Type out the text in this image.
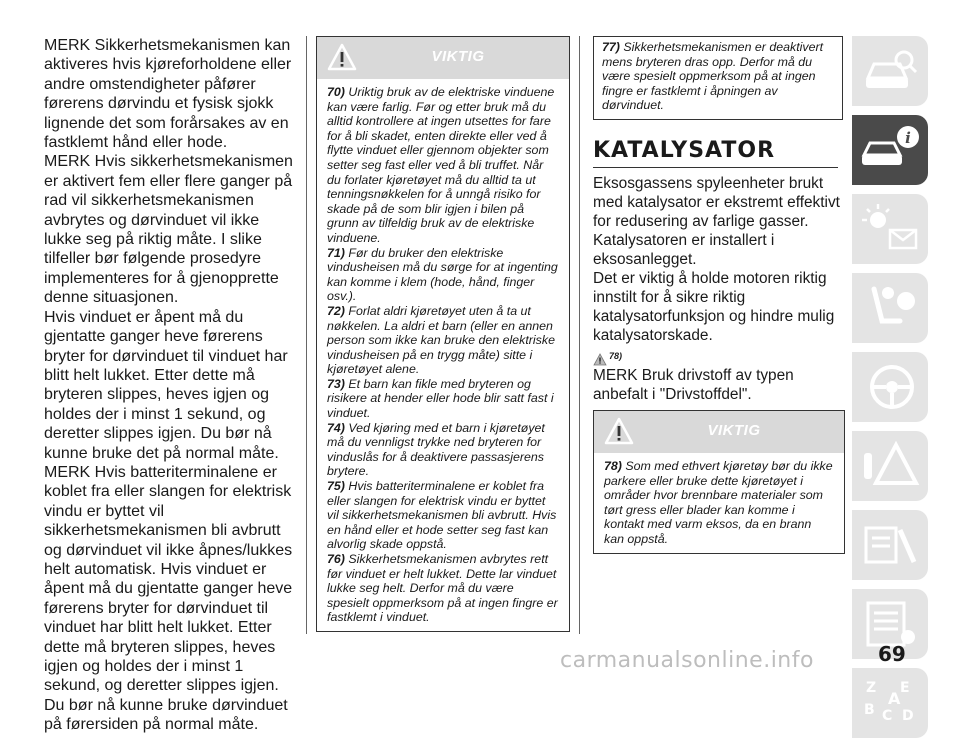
MERK Sikkerhetsmekanismen kan aktiveres hvis kjøreforholdene eller andre omstendigheter påfører førerens dørvindu et fysisk sjokk lignende det som forårsakes av en fastklemt hånd eller hode.

MERK Hvis sikkerhetsmekanismen er aktivert fem eller flere ganger på rad vil sikkerhetsmekanismen avbrytes og dørvinduet vil ikke lukke seg på riktig måte. I slike tilfeller bør følgende prosedyre implementeres for å gjenopprette denne situasjonen.

Hvis vinduet er åpent må du gjentatte ganger heve førerens bryter for dørvinduet til vinduet har blitt helt lukket. Etter dette må bryteren slippes, heves igjen og holdes der i minst 1 sekund, og deretter slippes igjen. Du bør nå kunne bruke det på normal måte.

MERK Hvis batteriterminalene er koblet fra eller slangen for elektrisk vindu er byttet vil sikkerhetsmekanismen bli avbrutt og dørvinduet vil ikke åpnes/lukkes helt automatisk. Hvis vinduet er åpent må du gjentatte ganger heve førerens bryter for dørvinduet til vinduet har blitt helt lukket. Etter dette må bryteren slippes, heves igjen og holdes der i minst 1 sekund, og deretter slippes igjen. Du bør nå kunne bruke dørvinduet på førersiden på normal måte.

VIKTIG

70) Uriktig bruk av de elektriske vinduene kan være farlig. Før og etter bruk må du alltid kontrollere at ingen utsettes for fare for å bli skadet, enten direkte eller ved å flytte vinduet eller gjennom objekter som setter seg fast eller ved å bli truffet. Når du forlater kjøretøyet må du alltid ta ut tenningsnøkkelen for å unngå risiko for skade på de som blir igjen i bilen på grunn av tilfeldig bruk av de elektriske vinduene.

71) Før du bruker den elektriske vindusheisen må du sørge for at ingenting kan komme i klem (hode, hånd, finger osv.).

72) Forlat aldri kjøretøyet uten å ta ut nøkkelen. La aldri et barn (eller en annen person som ikke kan bruke den elektriske vindusheisen på en trygg måte) sitte i kjøretøyet alene.

73) Et barn kan fikle med bryteren og risikere at hender eller hode blir satt fast i vinduet.

74) Ved kjøring med et barn i kjøretøyet må du vennligst trykke ned bryteren for vinduslås for å deaktivere passasjerens brytere.

75) Hvis batteriterminalene er koblet fra eller slangen for elektrisk vindu er byttet vil sikkerhetsmekanismen bli avbrutt. Hvis en hånd eller et hode setter seg fast kan alvorlig skade oppstå.

76) Sikkerhetsmekanismen avbrytes rett før vinduet er helt lukket. Dette lar vinduet lukke seg helt. Derfor må du være spesielt oppmerksom på at ingen fingre er fastklemt i vinduet.

77) Sikkerhetsmekanismen er deaktivert mens bryteren dras opp. Derfor må du være spesielt oppmerksom på at ingen fingre er fastklemt i åpningen av dørvinduet.
KATALYSATOR

Eksosgassens spyleenheter brukt med katalysator er ekstremt effektivt for redusering av farlige gasser. Katalysatoren er installert i eksosanlegget.

Det er viktig å holde motoren riktig innstilt for å sikre riktig katalysatorfunksjon og hindre mulig katalysatorskade.

78)

MERK Bruk drivstoff av typen anbefalt i "Drivstoffdel".

VIKTIG

78) Som med ethvert kjøretøy bør du ikke parkere eller bruke dette kjøretøyet i områder hvor brennbare materialer som tørt gress eller blader kan komme i kontakt med varm eksos, da en brann kan oppstå.

i
Z E
B C D
A
carmanualsonline.info	69
